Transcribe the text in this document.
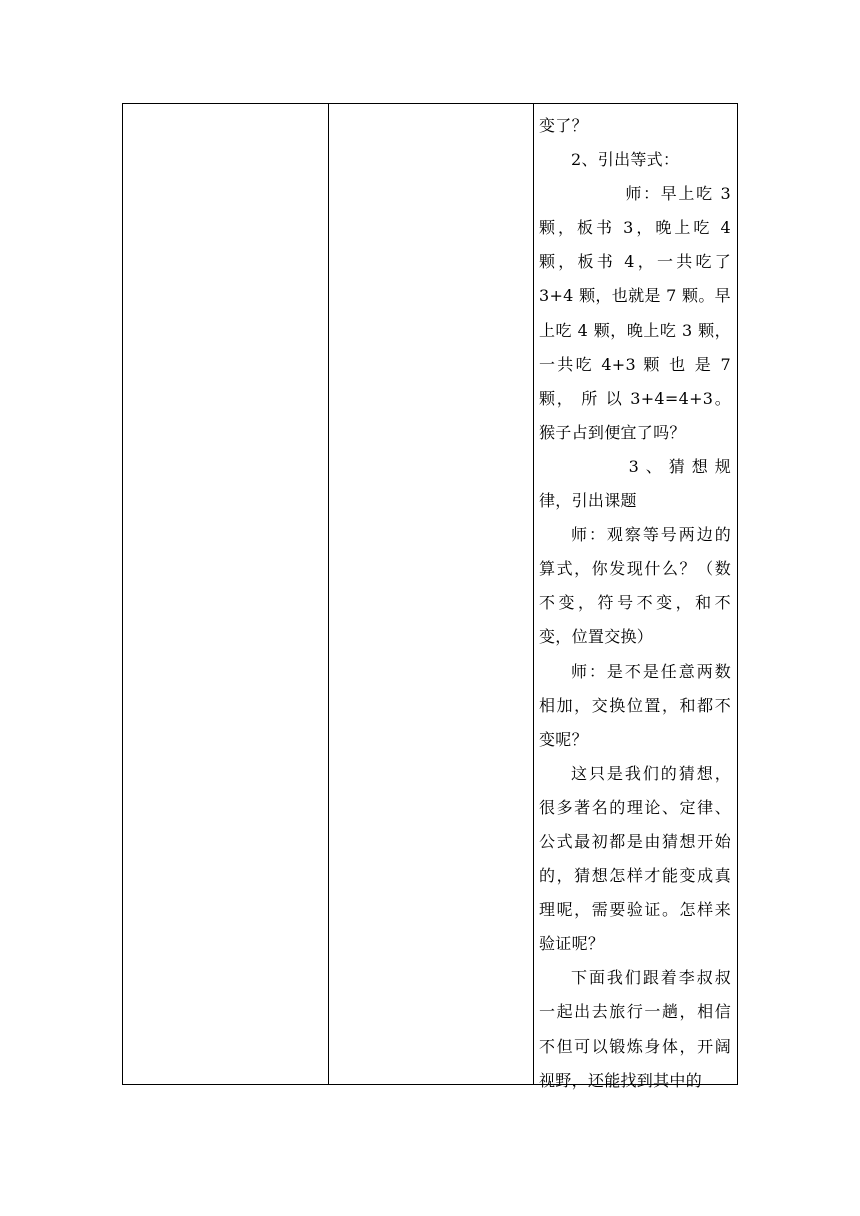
变了？

2、引出等式：

师：早上吃 3 颗，板书 3，晚上吃 4 颗，板书 4，一共吃了 3+4 颗，也就是 7 颗。早上吃 4 颗，晚上吃 3 颗，一共吃 4+3 颗 也 是 7 颗， 所 以 3+4=4+3。猴子占到便宜了吗？

3、猜想规律，引出课题

师：观察等号两边的算式，你发现什么？（数不变，符号不变，和不变，位置交换）

师：是不是任意两数相加，交换位置，和都不变呢？

这只是我们的猜想，很多著名的理论、定律、公式最初都是由猜想开始的，猜想怎样才能变成真理呢，需要验证。怎样来验证呢？

下面我们跟着李叔叔一起出去旅行一趟，相信不但可以锻炼身体，开阔视野，还能找到其中的
